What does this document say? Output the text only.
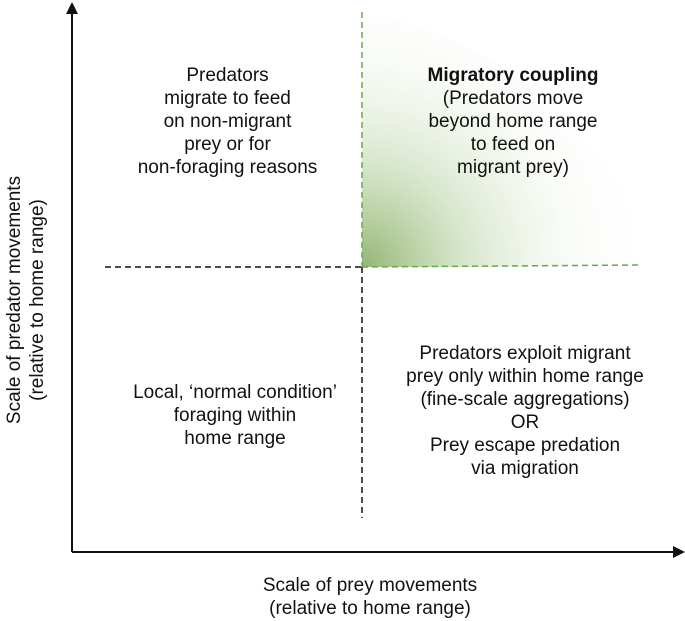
Predators
migrate to feed
on non-migrant
prey or for
non-foraging reasons
Migratory coupling
(Predators move
beyond home range
to feed on
migrant prey)
Local, ‘normal condition’
foraging within
home range
Predators exploit migrant
prey only within home range
(fine-scale aggregations)
OR
Prey escape predation
via migration
Scale of prey movements
(relative to home range)
Scale of predator movements (relative to home range)
